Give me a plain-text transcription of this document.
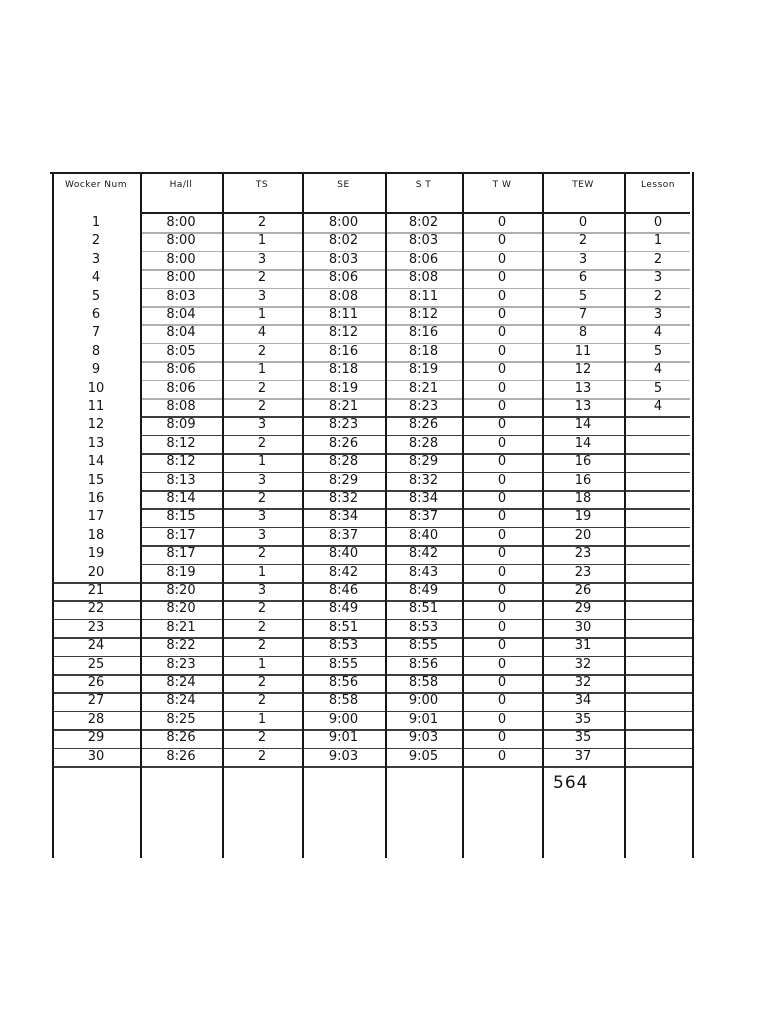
Wocker Num	Ha/ll	TS	SE	S T	T W	TEW	Lesson
1	8:00	2	8:00	8:02	0	0	0
2	8:00	1	8:02	8:03	0	2	1
3	8:00	3	8:03	8:06	0	3	2
4	8:00	2	8:06	8:08	0	6	3
5	8:03	3	8:08	8:11	0	5	2
6	8:04	1	8:11	8:12	0	7	3
7	8:04	4	8:12	8:16	0	8	4
8	8:05	2	8:16	8:18	0	11	5
9	8:06	1	8:18	8:19	0	12	4
10	8:06	2	8:19	8:21	0	13	5
11	8:08	2	8:21	8:23	0	13	4
12	8:09	3	8:23	8:26	0	14
13	8:12	2	8:26	8:28	0	14
14	8:12	1	8:28	8:29	0	16
15	8:13	3	8:29	8:32	0	16
16	8:14	2	8:32	8:34	0	18
17	8:15	3	8:34	8:37	0	19
18	8:17	3	8:37	8:40	0	20
19	8:17	2	8:40	8:42	0	23
20	8:19	1	8:42	8:43	0	23
21	8:20	3	8:46	8:49	0	26
22	8:20	2	8:49	8:51	0	29
23	8:21	2	8:51	8:53	0	30
24	8:22	2	8:53	8:55	0	31
25	8:23	1	8:55	8:56	0	32
26	8:24	2	8:56	8:58	0	32
27	8:24	2	8:58	9:00	0	34
28	8:25	1	9:00	9:01	0	35
29	8:26	2	9:01	9:03	0	35
30	8:26	2	9:03	9:05	0	37
564
